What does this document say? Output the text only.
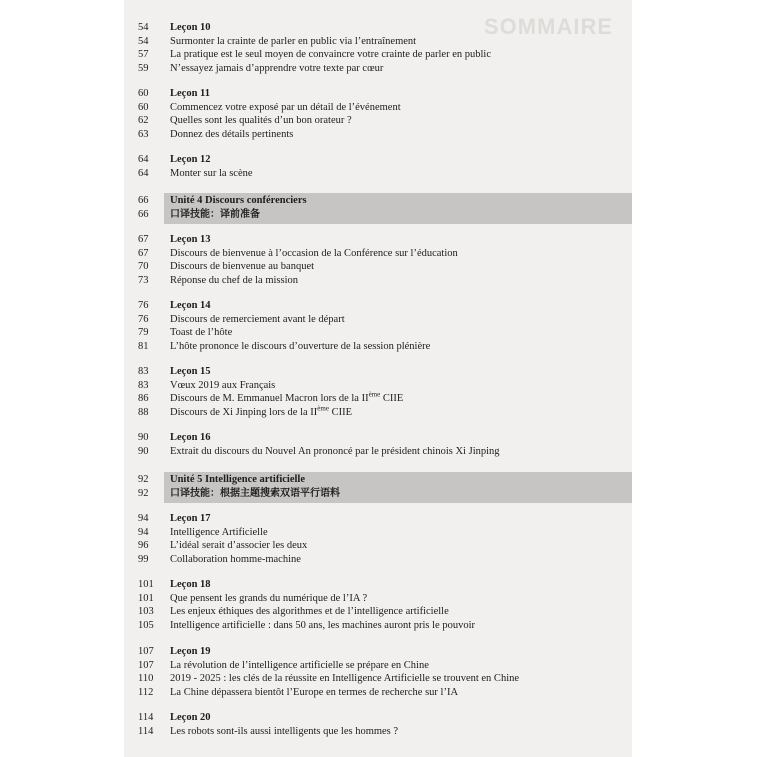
SOMMAIRE
54	Leçon 10
54	Surmonter la crainte de parler en public via l’entraînement
57	La pratique est le seul moyen de convaincre votre crainte de parler en public
59	N’essayez jamais d’apprendre votre texte par cœur
60	Leçon 11
60	Commencez votre exposé par un détail de l’événement
62	Quelles sont les qualités d’un bon orateur ?
63	Donnez des détails pertinents
64	Leçon 12
64	Monter sur la scène
66	Unité 4 Discours conférenciers
66	口译技能：译前准备
67	Leçon 13
67	Discours de bienvenue à l’occasion de la Conférence sur l’éducation
70	Discours de bienvenue au banquet
73	Réponse du chef de la mission
76	Leçon 14
76	Discours de remerciement avant le départ
79	Toast de l’hôte
81	L’hôte prononce le discours d’ouverture de la session plénière
83	Leçon 15
83	Vœux 2019 aux Français
86	Discours de M. Emmanuel Macron lors de la IIème CIIE
88	Discours de Xi Jinping lors de la IIème CIIE
90	Leçon 16
90	Extrait du discours du Nouvel An prononcé par le président chinois Xi Jinping
92	Unité 5 Intelligence artificielle
92	口译技能：根据主题搜索双语平行语料
94	Leçon 17
94	Intelligence Artificielle
96	L’idéal serait d’associer les deux
99	Collaboration homme-machine
101	Leçon 18
101	Que pensent les grands du numérique de l’IA ?
103	Les enjeux éthiques des algorithmes et de l’intelligence artificielle
105	Intelligence artificielle : dans 50 ans, les machines auront pris le pouvoir
107	Leçon 19
107	La révolution de l’intelligence artificielle se prépare en Chine
110	2019 - 2025 : les clés de la réussite en Intelligence Artificielle se trouvent en Chine
112	La Chine dépassera bientôt l’Europe en termes de recherche sur l’IA
114	Leçon 20
114	Les robots sont-ils aussi intelligents que les hommes ?
